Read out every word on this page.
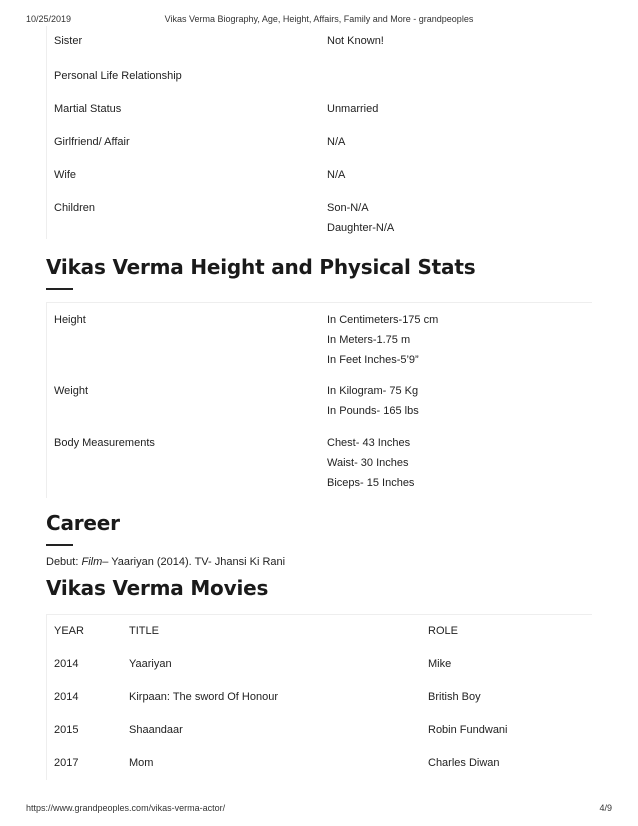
10/25/2019	Vikas Verma Biography, Age, Height, Affairs, Family and More - grandpeoples
Sister	Not Known!
Personal Life Relationship
Martial Status	Unmarried
Girlfriend/ Affair	N/A
Wife	N/A
Children	Son-N/A
Daughter-N/A
Vikas Verma Height and Physical Stats
Height	In Centimeters-175 cm
In Meters-1.75 m
In Feet Inches-5’9”
Weight	In Kilogram- 75 Kg
In Pounds- 165 lbs
Body Measurements	Chest- 43 Inches
Waist- 30 Inches
Biceps- 15 Inches
Career
Debut: Film– Yaariyan (2014). TV- Jhansi Ki Rani
Vikas Verma Movies
YEAR	TITLE	ROLE
2014	Yaariyan	Mike
2014	Kirpaan: The sword Of Honour	British Boy
2015	Shaandaar	Robin Fundwani
2017	Mom	Charles Diwan
https://www.grandpeoples.com/vikas-verma-actor/	4/9
